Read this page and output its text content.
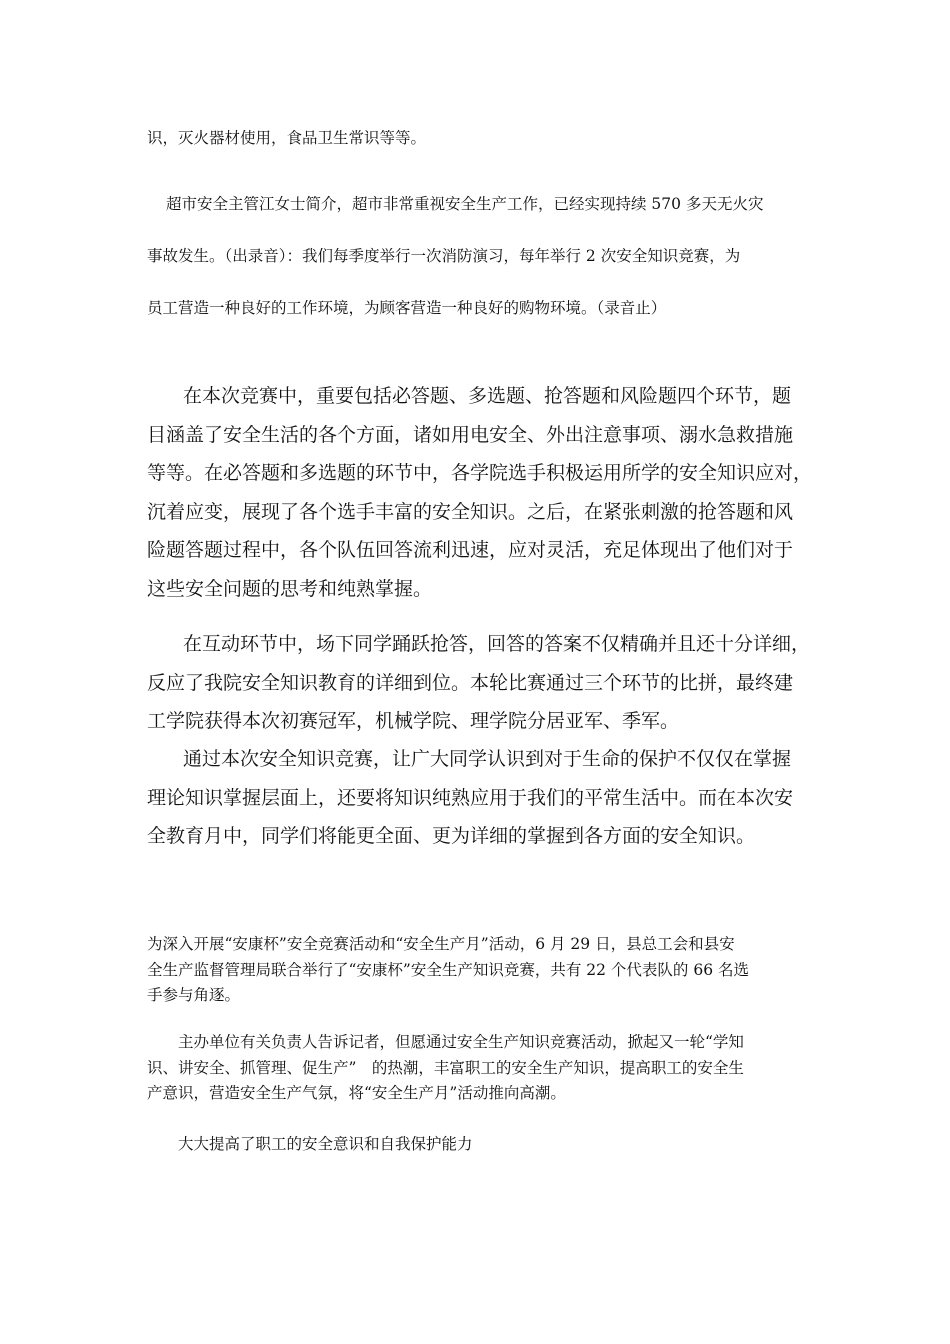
识，灭火器材使用，食品卫生常识等等。
超市安全主管江女士简介，超市非常重视安全生产工作，已经实现持续 570 多天无火灾
事故发生。（出录音）：我们每季度举行一次消防演习，每年举行 2 次安全知识竞赛，为
员工营造一种良好的工作环境，为顾客营造一种良好的购物环境。（录音止）
在本次竞赛中，重要包括必答题、多选题、抢答题和风险题四个环节，题
目涵盖了安全生活的各个方面，诸如用电安全、外出注意事项、溺水急救措施
等等。在必答题和多选题的环节中，各学院选手积极运用所学的安全知识应对，
沉着应变，展现了各个选手丰富的安全知识。之后，在紧张刺激的抢答题和风
险题答题过程中，各个队伍回答流利迅速，应对灵活，充足体现出了他们对于
这些安全问题的思考和纯熟掌握。
在互动环节中，场下同学踊跃抢答，回答的答案不仅精确并且还十分详细，
反应了我院安全知识教育的详细到位。本轮比赛通过三个环节的比拼，最终建
工学院获得本次初赛冠军，机械学院、理学院分居亚军、季军。
通过本次安全知识竞赛，让广大同学认识到对于生命的保护不仅仅在掌握
理论知识掌握层面上，还要将知识纯熟应用于我们的平常生活中。而在本次安
全教育月中，同学们将能更全面、更为详细的掌握到各方面的安全知识。
为深入开展“安康杯”安全竞赛活动和“安全生产月”活动，6 月 29 日，县总工会和县安
全生产监督管理局联合举行了“安康杯”安全生产知识竞赛，共有 22 个代表队的 66 名选
手参与角逐。
主办单位有关负责人告诉记者，但愿通过安全生产知识竞赛活动，掀起又一轮“学知
识、讲安全、抓管理、促生产”　的热潮，丰富职工的安全生产知识，提高职工的安全生
产意识，营造安全生产气氛，将“安全生产月”活动推向高潮。
大大提高了职工的安全意识和自我保护能力
